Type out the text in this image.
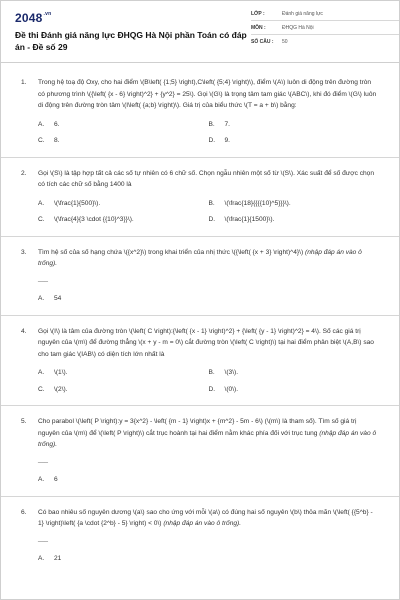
$2048^{.vn}$
Đề thi Đánh giá năng lực ĐHQG Hà Nội phần Toán có đáp án - Đề số 29
LỚP :	Đánh giá năng lực
MÔN :	ĐHQG Hà Nội
SỐ CÂU :	50
1.	Trong hệ toạ độ Oxy, cho hai điểm \(B\left( {1;5} \right),C\left( {5;4} \right)\), điểm \(A\) luôn di động trên đường tròn có phương trình \({\left( {x - 6} \right)^2} + {y^2} = 25\). Gọi \(G\) là trọng tâm tam giác \(ABC\), khi đó điểm \(G\) luôn di động trên đường tròn tâm \(I\left( {a;b} \right)\). Giá trị của biểu thức \(T = a + b\) bằng:
A.	6.	B.	7.
C.	8.	D.	9.
2.	Gọi \(S\) là tập hợp tất cả các số tự nhiên có 6 chữ số. Chọn ngẫu nhiên một số từ \(S\). Xác suất để số được chọn có tích các chữ số bằng 1400 là
A.	\(\frac{1}{500}\).	B.	\(\frac{18}{{{{10}^5}}}\).
C.	\(\frac{4}{3 \cdot {{10}^3}}\).	D.	\(\frac{1}{1500}\).
3.	Tìm hệ số của số hạng chứa \({x^2}\) trong khai triển của nhị thức \({\left( {x + 3} \right)^4}\) (nhập đáp án vào ô trống).
___
A.	54
4.	Gọi \(I\) là tâm của đường tròn \(\left( C \right):{\left( {x - 1} \right)^2} + {\left( {y - 1} \right)^2} = 4\). Số các giá trị nguyên của \(m\) để đường thẳng \(x + y - m = 0\) cắt đường tròn \(\left( C \right)\) tại hai điểm phân biệt \(A,B\) sao cho tam giác \(IAB\) có diện tích lớn nhất là
A.	\(1\).	B.	\(3\).
C.	\(2\).	D.	\(0\).
5.	Cho parabol \(\left( P \right):y = 3{x^2} - \left( {m - 1} \right)x + {m^2} - 5m - 6\) (\(m\) là tham số). Tìm số giá trị nguyên của \(m\) để \(\left( P \right)\) cắt trục hoành tại hai điểm nằm khác phía đối với trục tung (nhập đáp án vào ô trống).
___
A.	6
6.	Có bao nhiêu số nguyên dương \(a\) sao cho ứng với mỗi \(a\) có đúng hai số nguyên \(b\) thỏa mãn \(\left( {{5^b} - 1} \right)\left( {a \cdot {2^b} - 5} \right) < 0\) (nhập đáp án vào ô trống).
___
A.	21
